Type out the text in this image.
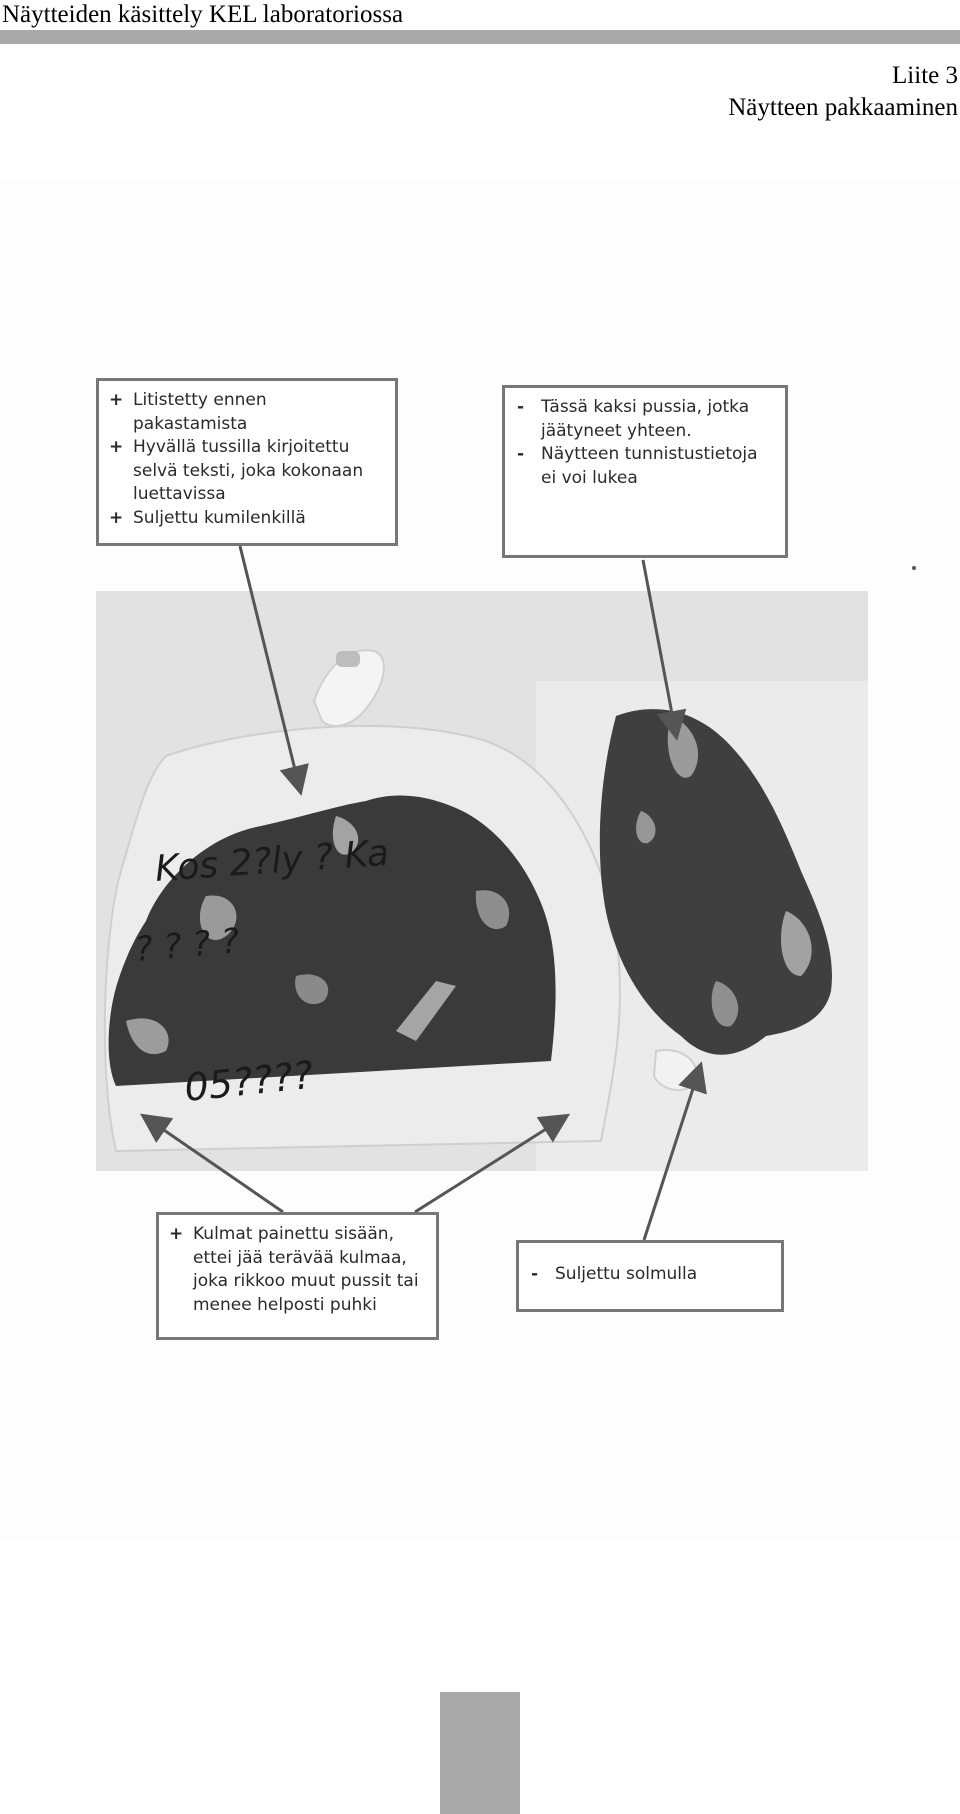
Näytteiden käsittely KEL laboratoriossa
Liite 3
Näytteen pakkaaminen
Kos 2?ly ? Ka
? ? ? ?
05????
+ Litistetty ennen pakastamista
+ Hyvällä tussilla kirjoitettu selvä teksti, joka kokonaan luettavissa
+ Suljettu kumilenkillä
- Tässä kaksi pussia, jotka jäätyneet yhteen.
- Näytteen tunnistustietoja ei voi lukea
+ Kulmat painettu sisään, ettei jää terävää kulmaa, joka rikkoo muut pussit tai menee helposti puhki
- Suljettu solmulla
